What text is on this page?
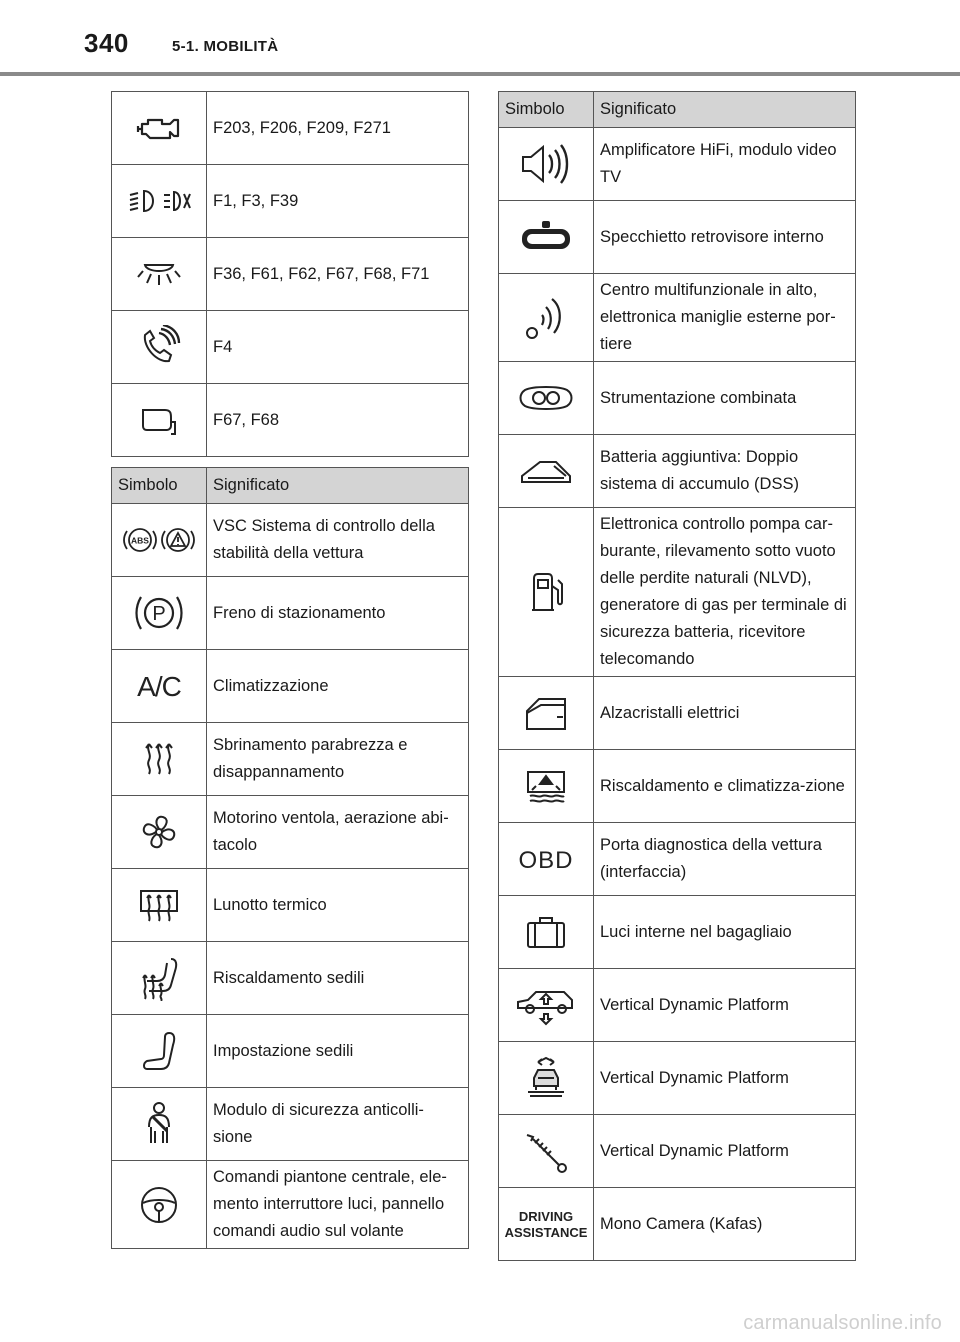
340	5-1. MOBILITÀ
	F203, F206, F209, F271
	F1, F3, F39
	F36, F61, F62, F67, F68, F71
	F4
	F67, F68
Simbolo	Significato

ABS	VSC Sistema di controllo della stabilità della vettura

P	Freno di stazionamento

A/C	Climatizzazione
	Sbrinamento parabrezza e disappannamento
	Motorino ventola, aerazione abi-tacolo
	Lunotto termico
	Riscaldamento sedili
	Impostazione sedili
	Modulo di sicurezza anticolli-sione
	Comandi piantone centrale, ele-mento interruttore luci, pannello comandi audio sul volante
Simbolo	Significato
	Amplificatore HiFi, modulo video TV
	Specchietto retrovisore interno
	Centro multifunzionale in alto, elettronica maniglie esterne por-tiere
	Strumentazione combinata
	Batteria aggiuntiva: Doppio sistema di accumulo (DSS)
	Elettronica controllo pompa car-burante, rilevamento sotto vuoto delle perdite naturali (NLVD), generatore di gas per terminale di sicurezza batteria, ricevitore telecomando
	Alzacristalli elettrici
	Riscaldamento e climatizza-zione

OBD	Porta diagnostica della vettura (interfaccia)
	Luci interne nel bagagliaio
	Vertical Dynamic Platform
	Vertical Dynamic Platform
	Vertical Dynamic Platform

DRIVING
ASSISTANCE	Mono Camera (Kafas)
carmanualsonline.info
